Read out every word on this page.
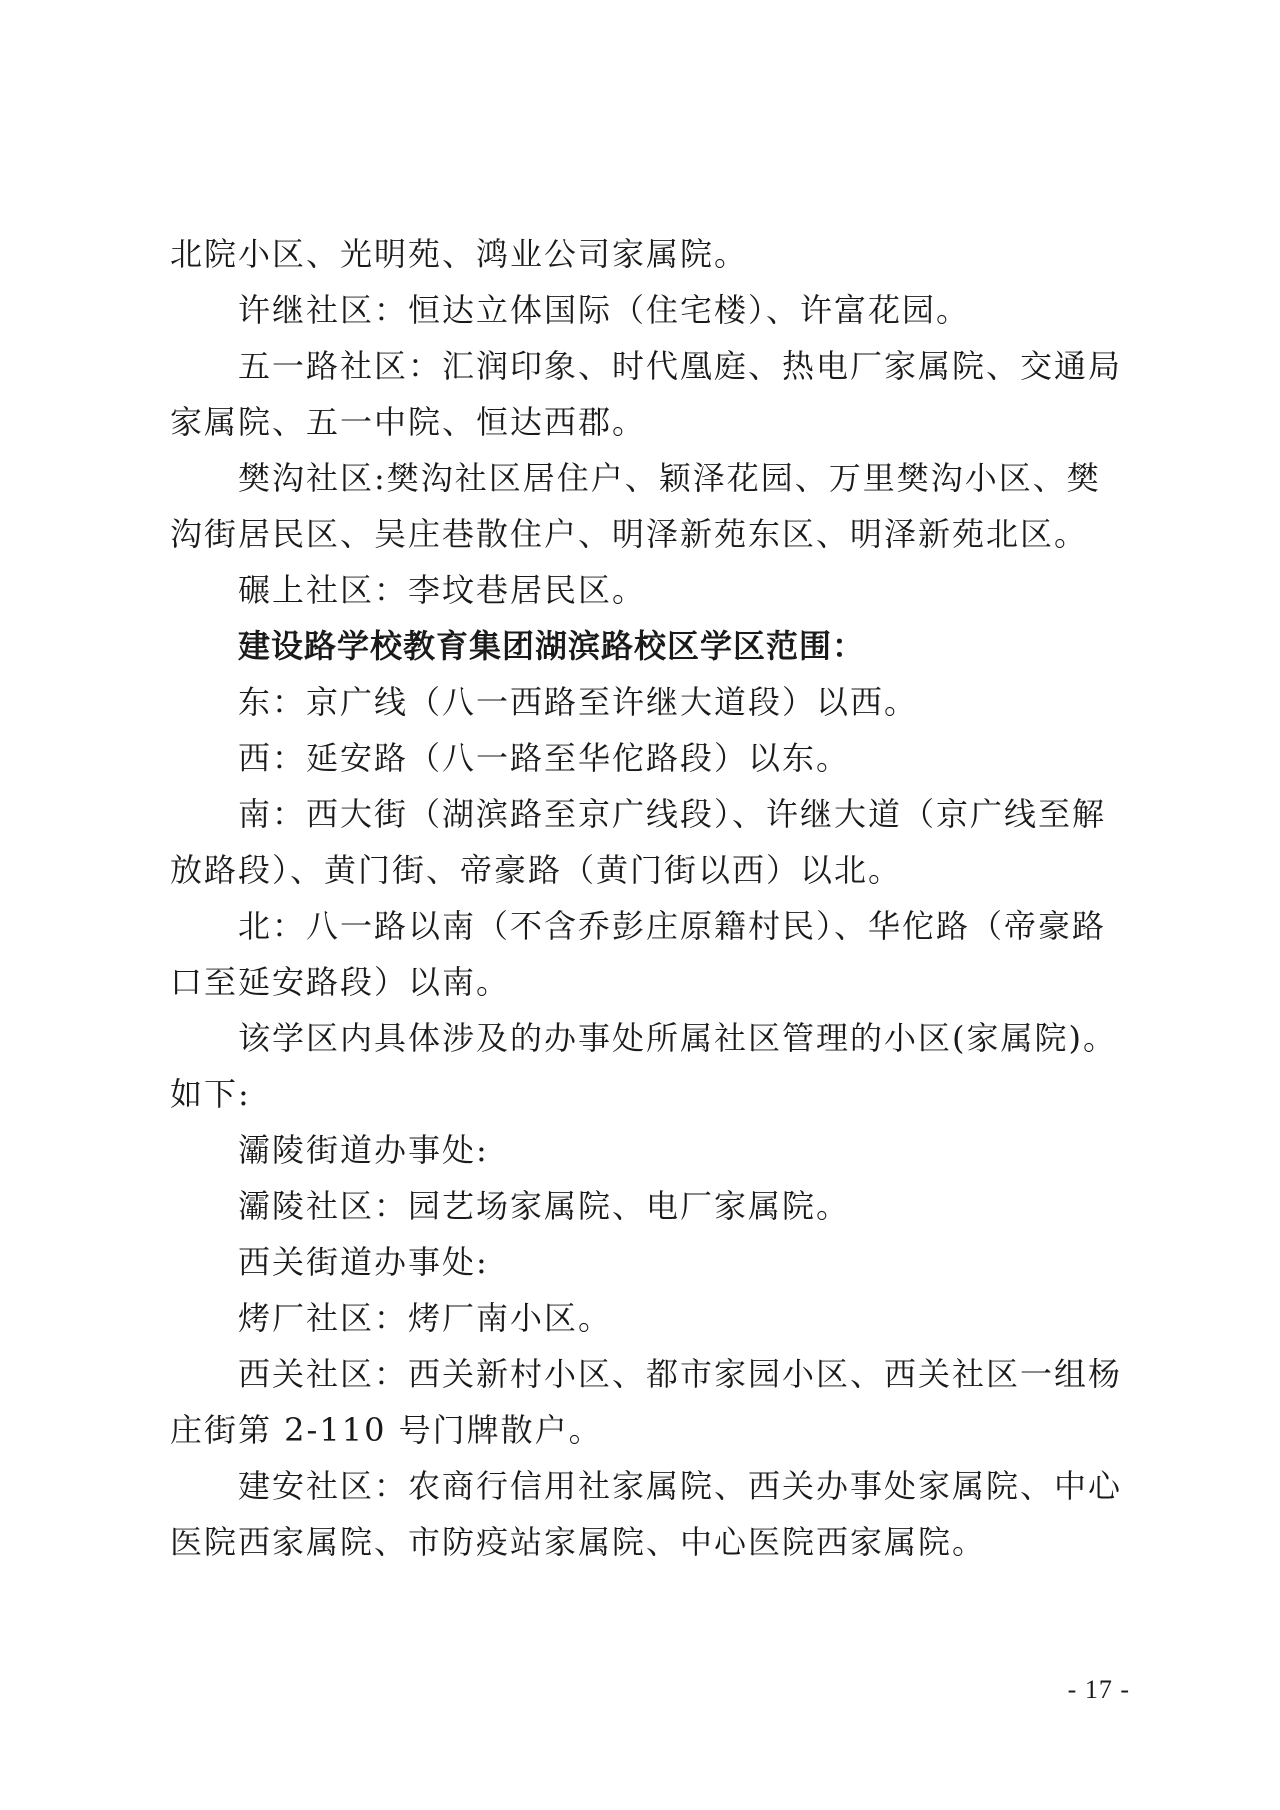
北院小区、光明苑、鸿业公司家属院。
许继社区：恒达立体国际（住宅楼）、许富花园。
五一路社区：汇润印象、时代凰庭、热电厂家属院、交通局
家属院、五一中院、恒达西郡。
樊沟社区:樊沟社区居住户、颖泽花园、万里樊沟小区、樊
沟街居民区、吴庄巷散住户、明泽新苑东区、明泽新苑北区。
碾上社区：李坟巷居民区。
建设路学校教育集团湖滨路校区学区范围：
东：京广线（八一西路至许继大道段）以西。
西：延安路（八一路至华佗路段）以东。
南：西大街（湖滨路至京广线段）、许继大道（京广线至解
放路段）、黄门街、帝豪路（黄门街以西）以北。
北：八一路以南（不含乔彭庄原籍村民）、华佗路（帝豪路
口至延安路段）以南。
该学区内具体涉及的办事处所属社区管理的小区(家属院)。
如下:
灞陵街道办事处:
灞陵社区：园艺场家属院、电厂家属院。
西关街道办事处:
烤厂社区：烤厂南小区。
西关社区：西关新村小区、都市家园小区、西关社区一组杨
庄街第 2-110 号门牌散户。
建安社区：农商行信用社家属院、西关办事处家属院、中心
医院西家属院、市防疫站家属院、中心医院西家属院。
- 17 -
